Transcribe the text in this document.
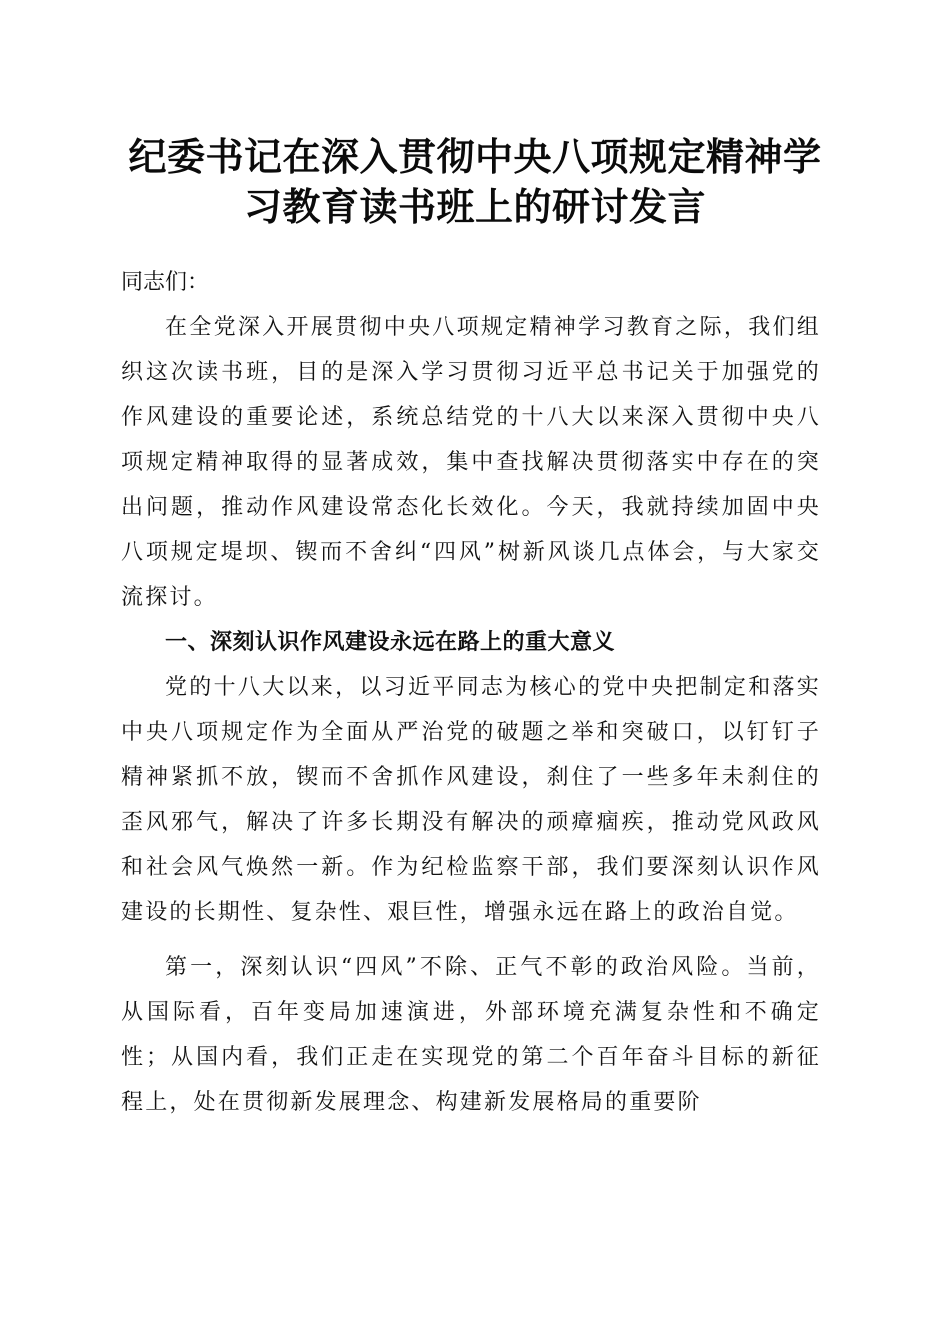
纪委书记在深入贯彻中央八项规定精神学习教育读书班上的研讨发言

同志们：

在全党深入开展贯彻中央八项规定精神学习教育之际，我们组织这次读书班，目的是深入学习贯彻习近平总书记关于加强党的作风建设的重要论述，系统总结党的十八大以来深入贯彻中央八项规定精神取得的显著成效，集中查找解决贯彻落实中存在的突出问题，推动作风建设常态化长效化。今天，我就持续加固中央八项规定堤坝、锲而不舍纠“四风”树新风谈几点体会，与大家交流探讨。

一、深刻认识作风建设永远在路上的重大意义

党的十八大以来，以习近平同志为核心的党中央把制定和落实中央八项规定作为全面从严治党的破题之举和突破口，以钉钉子精神紧抓不放，锲而不舍抓作风建设，刹住了一些多年未刹住的歪风邪气，解决了许多长期没有解决的顽瘴痼疾，推动党风政风和社会风气焕然一新。作为纪检监察干部，我们要深刻认识作风建设的长期性、复杂性、艰巨性，增强永远在路上的政治自觉。

第一，深刻认识“四风”不除、正气不彰的政治风险。当前，从国际看，百年变局加速演进，外部环境充满复杂性和不确定性；从国内看，我们正走在实现党的第二个百年奋斗目标的新征程上，处在贯彻新发展理念、构建新发展格局的重要阶
